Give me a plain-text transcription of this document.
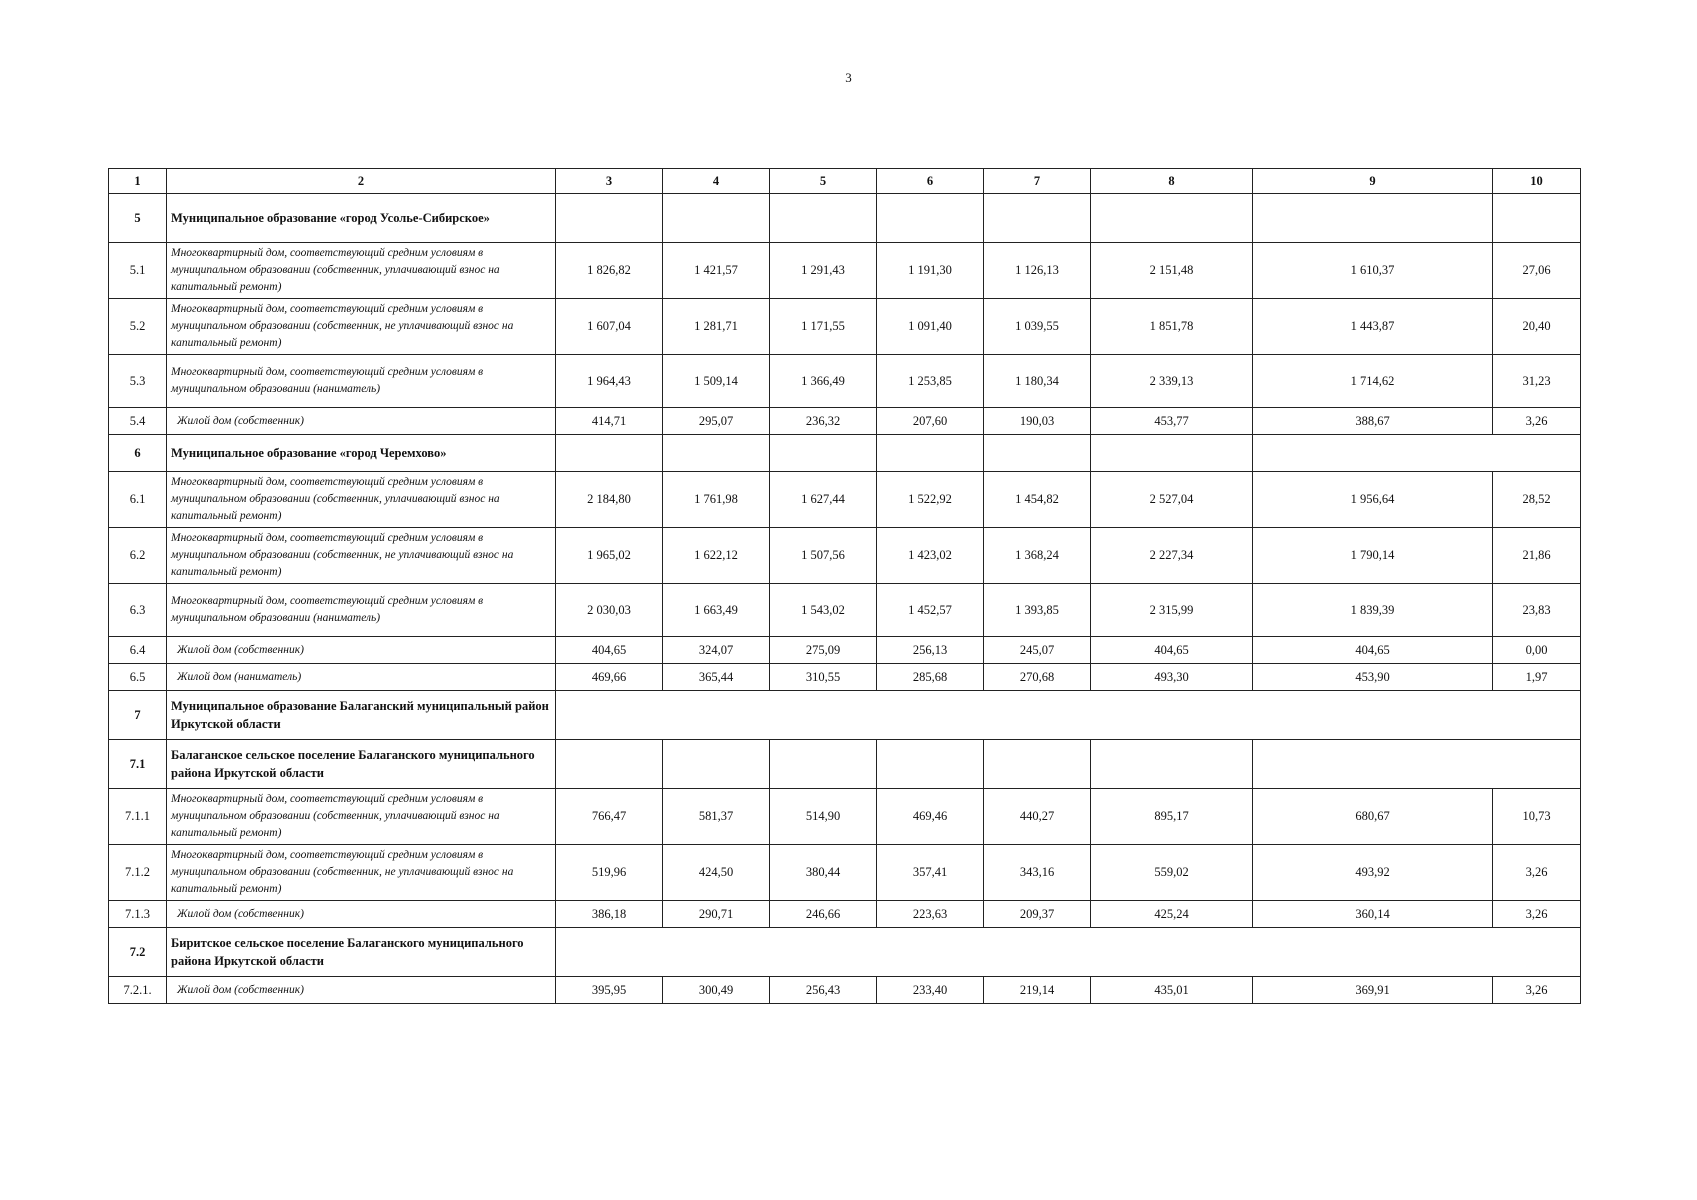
3
1	2	3	4	5	6	7	8	9	10
5	Муниципальное образование «город Усолье-Сибирское»								
5.1	Многоквартирный дом, соответствующий средним условиям в муниципальном образовании (собственник, уплачивающий взнос на капитальный ремонт)	1 826,82	1 421,57	1 291,43	1 191,30	1 126,13	2 151,48	1 610,37	27,06
5.2	Многоквартирный дом, соответствующий средним условиям в муниципальном образовании (собственник, не уплачивающий взнос на капитальный ремонт)	1 607,04	1 281,71	1 171,55	1 091,40	1 039,55	1 851,78	1 443,87	20,40
5.3	Многоквартирный дом, соответствующий средним условиям в муниципальном образовании (наниматель)	1 964,43	1 509,14	1 366,49	1 253,85	1 180,34	2 339,13	1 714,62	31,23
5.4	Жилой дом (собственник)	414,71	295,07	236,32	207,60	190,03	453,77	388,67	3,26
6	Муниципальное образование «город Черемхово»								
6.1	Многоквартирный дом, соответствующий средним условиям в муниципальном образовании (собственник, уплачивающий взнос на капитальный ремонт)	2 184,80	1 761,98	1 627,44	1 522,92	1 454,82	2 527,04	1 956,64	28,52
6.2	Многоквартирный дом, соответствующий средним условиям в муниципальном образовании (собственник, не уплачивающий взнос на капитальный ремонт)	1 965,02	1 622,12	1 507,56	1 423,02	1 368,24	2 227,34	1 790,14	21,86
6.3	Многоквартирный дом, соответствующий средним условиям в муниципальном образовании (наниматель)	2 030,03	1 663,49	1 543,02	1 452,57	1 393,85	2 315,99	1 839,39	23,83
6.4	Жилой дом (собственник)	404,65	324,07	275,09	256,13	245,07	404,65	404,65	0,00
6.5	Жилой дом (наниматель)	469,66	365,44	310,55	285,68	270,68	493,30	453,90	1,97
7	Муниципальное образование Балаганский муниципальный район Иркутской области								
7.1	Балаганское сельское поселение Балаганского муниципального района Иркутской области								
7.1.1	Многоквартирный дом, соответствующий средним условиям в муниципальном образовании (собственник, уплачивающий взнос на капитальный ремонт)	766,47	581,37	514,90	469,46	440,27	895,17	680,67	10,73
7.1.2	Многоквартирный дом, соответствующий средним условиям в муниципальном образовании (собственник, не уплачивающий взнос на капитальный ремонт)	519,96	424,50	380,44	357,41	343,16	559,02	493,92	3,26
7.1.3	Жилой дом (собственник)	386,18	290,71	246,66	223,63	209,37	425,24	360,14	3,26
7.2	Биритское сельское поселение Балаганского муниципального района Иркутской области								
7.2.1.	Жилой дом (собственник)	395,95	300,49	256,43	233,40	219,14	435,01	369,91	3,26
